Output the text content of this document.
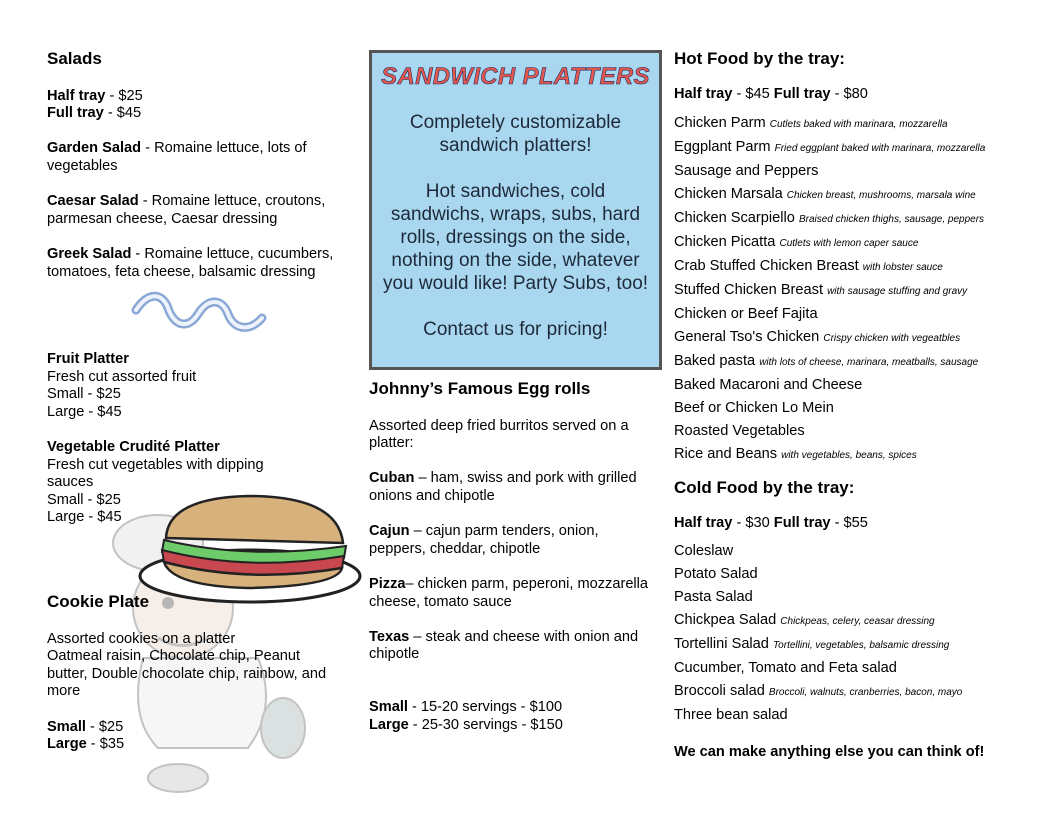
Salads
Half tray - $25
Full tray - $45
Garden Salad - Romaine lettuce, lots of vegetables
Caesar Salad - Romaine lettuce, croutons, parmesan cheese, Caesar dressing
Greek Salad - Romaine lettuce, cucumbers, tomatoes, feta cheese, balsamic dressing
Fruit Platter
Fresh cut assorted fruit
Small - $25
Large - $45
Vegetable Crudité Platter
Fresh cut vegetables with dipping sauces
Small - $25
Large - $45
Cookie Plate
Assorted cookies on a platter
Oatmeal raisin, Chocolate chip, Peanut butter, Double chocolate chip, rainbow, and more
Small - $25
Large - $35
SANDWICH PLATTERS
Completely customizable sandwich platters!
Hot sandwiches, cold sandwichs, wraps, subs, hard rolls, dressings on the side, nothing on the side, whatever you would like! Party Subs, too!
Contact us for pricing!
Johnny’s Famous Egg rolls
Assorted deep fried burritos served on a platter:
Cuban – ham, swiss and pork with grilled onions and chipotle
Cajun – cajun parm tenders, onion, peppers, cheddar, chipotle
Pizza– chicken parm, peperoni, mozzarella cheese, tomato sauce
Texas – steak and cheese with onion and chipotle
Small - 15-20 servings - $100
Large - 25-30 servings - $150
Hot Food by the tray:
Half tray - $45 Full tray - $80
Chicken Parm Cutlets baked with marinara, mozzarella
Eggplant Parm Fried eggplant baked with marinara, mozzarella
Sausage and Peppers
Chicken Marsala Chicken breast, mushrooms, marsala wine
Chicken Scarpiello Braised chicken thighs, sausage, peppers
Chicken Picatta Cutlets with lemon caper sauce
Crab Stuffed Chicken Breast with lobster sauce
Stuffed Chicken Breast with sausage stuffing and gravy
Chicken or Beef Fajita
General Tso's Chicken Crispy chicken with vegeatbles
Baked pasta with lots of cheese, marinara, meatballs, sausage
Baked Macaroni and Cheese
Beef or Chicken Lo Mein
Roasted Vegetables
Rice and Beans with vegetables, beans, spices
Cold Food by the tray:
Half tray - $30 Full tray - $55
Coleslaw
Potato Salad
Pasta Salad
Chickpea Salad Chickpeas, celery, ceasar dressing
Tortellini Salad Tortellini, vegetables, balsamic dressing
Cucumber, Tomato and Feta salad
Broccoli salad Broccoli, walnuts, cranberries, bacon, mayo
Three bean salad
We can make anything else you can think of!
